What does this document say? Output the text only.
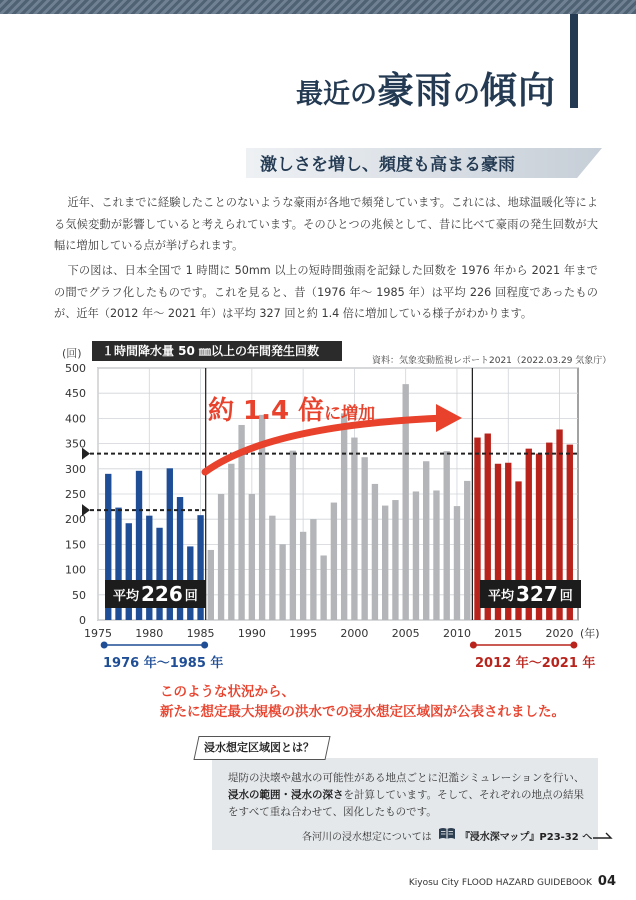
最近の豪雨の傾向
激しさを増し、頻度も高まる豪雨

近年、これまでに経験したことのないような豪雨が各地で頻発しています。これには、地球温暖化等による気候変動が影響していると考えられています。そのひとつの兆候として、昔に比べて豪雨の発生回数が大幅に増加している点が挙げられます。

下の図は、日本全国で 1 時間に 50mm 以上の短時間強雨を記録した回数を 1976 年から 2021 年までの間でグラフ化したものです。これを見ると、昔（1976 年～ 1985 年）は平均 226 回程度であったものが、近年（2012 年～ 2021 年）は平均 327 回と約 1.4 倍に増加している様子がわかります。

0
50
100
150
200
250
300
350
400
450
500
1975 1980 1985 1990 1995 2000 2005 2010 2015 2020 (年)
(回)	１時間降水量 50 ㎜以上の年間発生回数
資料：気象変動監視レポート2021（2022.03.29 気象庁）
約 1.4 倍に増加
平均 226 回	平均 327 回
1976 年～1985 年	2012 年～2021 年

このような状況から、
新たに想定最大規模の洪水での浸水想定区域図が公表されました。

浸水想定区域図とは？

堤防の決壊や越水の可能性がある地点ごとに氾濫シミュレーションを行い、浸水の範囲・浸水の深さを計算しています。そして、それぞれの地点の結果をすべて重ね合わせて、図化したものです。

各河川の浸水想定については	『浸水深マップ』P23-32 へ
Kiyosu City FLOOD HAZARD GUIDEBOOK 04
